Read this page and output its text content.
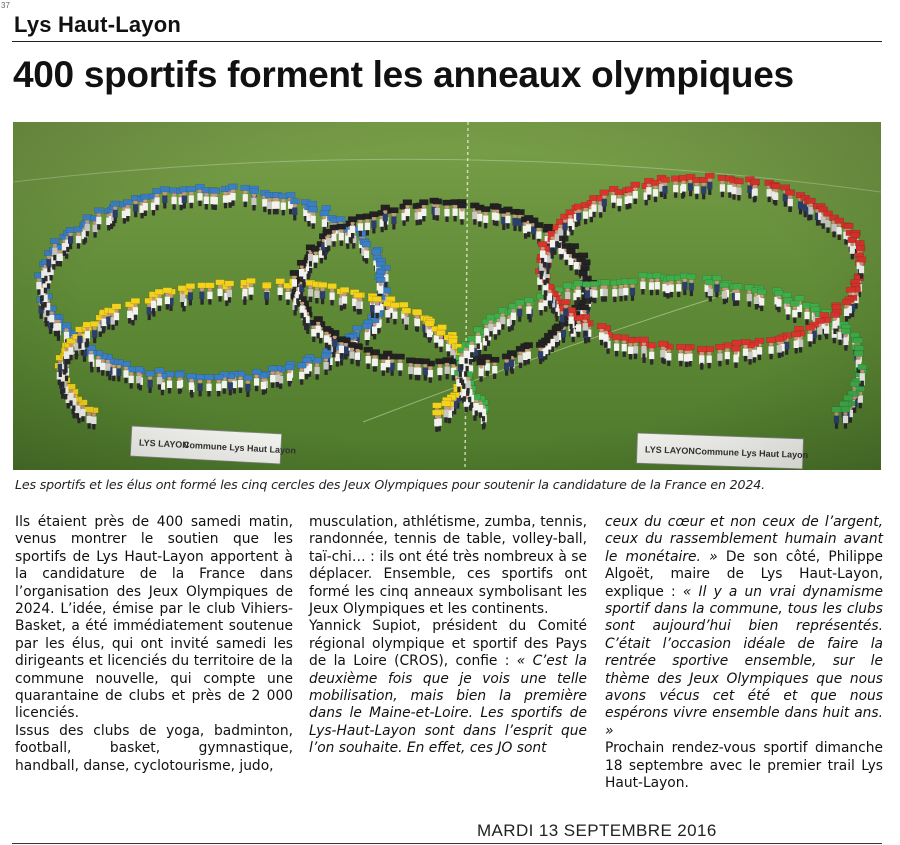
37
Lys Haut-Layon
400 sportifs forment les anneaux olympiques
Les sportifs et les élus ont formé les cinq cercles des Jeux Olympiques pour soutenir la candidature de la France en 2024.

Ils étaient près de 400 samedi matin, venus montrer le soutien que les sportifs de Lys Haut-Layon apportent à la candidature de la France dans l’organisation des Jeux Olympiques de 2024. L’idée, émise par le club Vihiers-Basket, a été immédiatement soutenue par les élus, qui ont invité samedi les dirigeants et licenciés du territoire de la commune nouvelle, qui compte une quarantaine de clubs et près de 2 000 licenciés.

Issus des clubs de yoga, badminton, football, basket, gymnastique, handball, danse, cyclotourisme, judo,

musculation, athlétisme, zumba, tennis, randonnée, tennis de table, volley-ball, taï-chi… : ils ont été très nombreux à se déplacer. Ensemble, ces sportifs ont formé les cinq anneaux symbolisant les Jeux Olympiques et les continents.

Yannick Supiot, président du Comité régional olympique et sportif des Pays de la Loire (CROS), confie : « C’est la deuxième fois que je vois une telle mobilisation, mais bien la première dans le Maine-et-Loire. Les sportifs de Lys-Haut-Layon sont dans l’esprit que l’on souhaite. En effet, ces JO sont

ceux du cœur et non ceux de l’argent, ceux du rassemblement humain avant le monétaire. » De son côté, Philippe Algoët, maire de Lys Haut-Layon, explique : « Il y a un vrai dynamisme sportif dans la commune, tous les clubs sont aujourd’hui bien représentés. C’était l’occasion idéale de faire la rentrée sportive ensemble, sur le thème des Jeux Olympiques que nous avons vécus cet été et que nous espérons vivre ensemble dans huit ans. »

Prochain rendez-vous sportif dimanche 18 septembre avec le premier trail Lys Haut-Layon.

MARDI 13 SEPTEMBRE 2016
